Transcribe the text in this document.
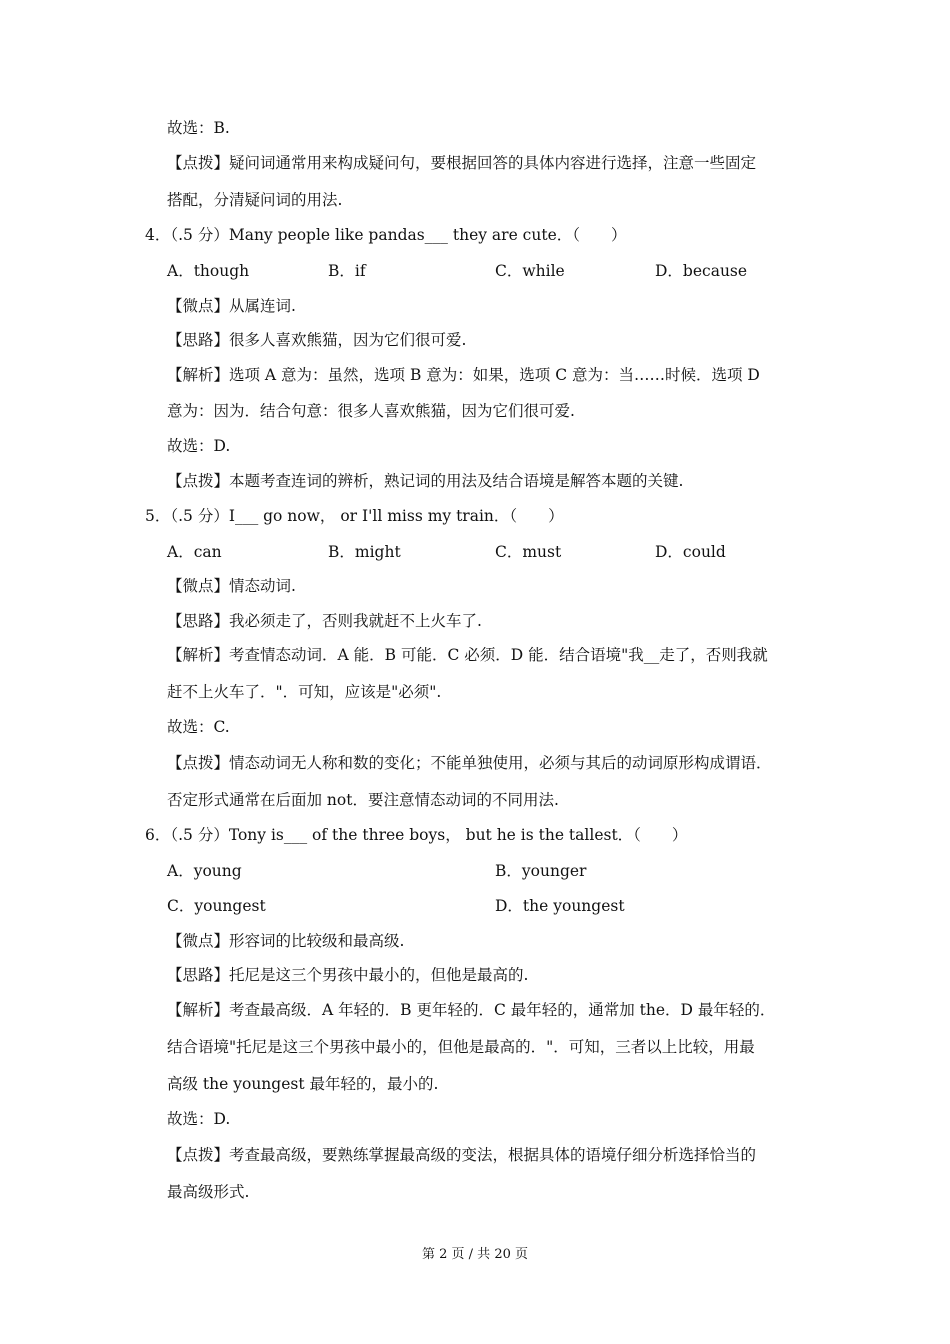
故选：B.
【点拨】疑问词通常用来构成疑问句，要根据回答的具体内容进行选择，注意一些固定
搭配，分清疑问词的用法.
4．（.5 分）Many people like pandas___ they are cute．（　　）
A．though	B．if	C．while	D．because
【微点】从属连词.
【思路】很多人喜欢熊猫，因为它们很可爱.
【解析】选项 A 意为：虽然，选项 B 意为：如果，选项 C 意为：当……时候．选项 D
意为：因为．结合句意：很多人喜欢熊猫，因为它们很可爱.
故选：D.
【点拨】本题考查连词的辨析，熟记词的用法及结合语境是解答本题的关键.
5．（.5 分）I___ go now， or I'll miss my train．（　　）
A．can	B．might	C．must	D．could
【微点】情态动词.
【思路】我必须走了，否则我就赶不上火车了.
【解析】考查情态动词．A 能．B 可能．C 必须．D 能．结合语境"我__走了，否则我就
赶不上火车了．"．可知，应该是"必须".
故选：C.
【点拨】情态动词无人称和数的变化；不能单独使用，必须与其后的动词原形构成谓语．
否定形式通常在后面加 not．要注意情态动词的不同用法.
6．（.5 分）Tony is___ of the three boys， but he is the tallest．（　　）
A．young	B．younger
C．youngest	D．the youngest
【微点】形容词的比较级和最高级.
【思路】托尼是这三个男孩中最小的，但他是最高的.
【解析】考查最高级．A 年轻的．B 更年轻的．C 最年轻的，通常加 the．D 最年轻的．
结合语境"托尼是这三个男孩中最小的，但他是最高的．"．可知，三者以上比较，用最
高级 the youngest 最年轻的，最小的.
故选：D.
【点拨】考查最高级，要熟练掌握最高级的变法，根据具体的语境仔细分析选择恰当的
最高级形式.
第 2 页 / 共 20 页
